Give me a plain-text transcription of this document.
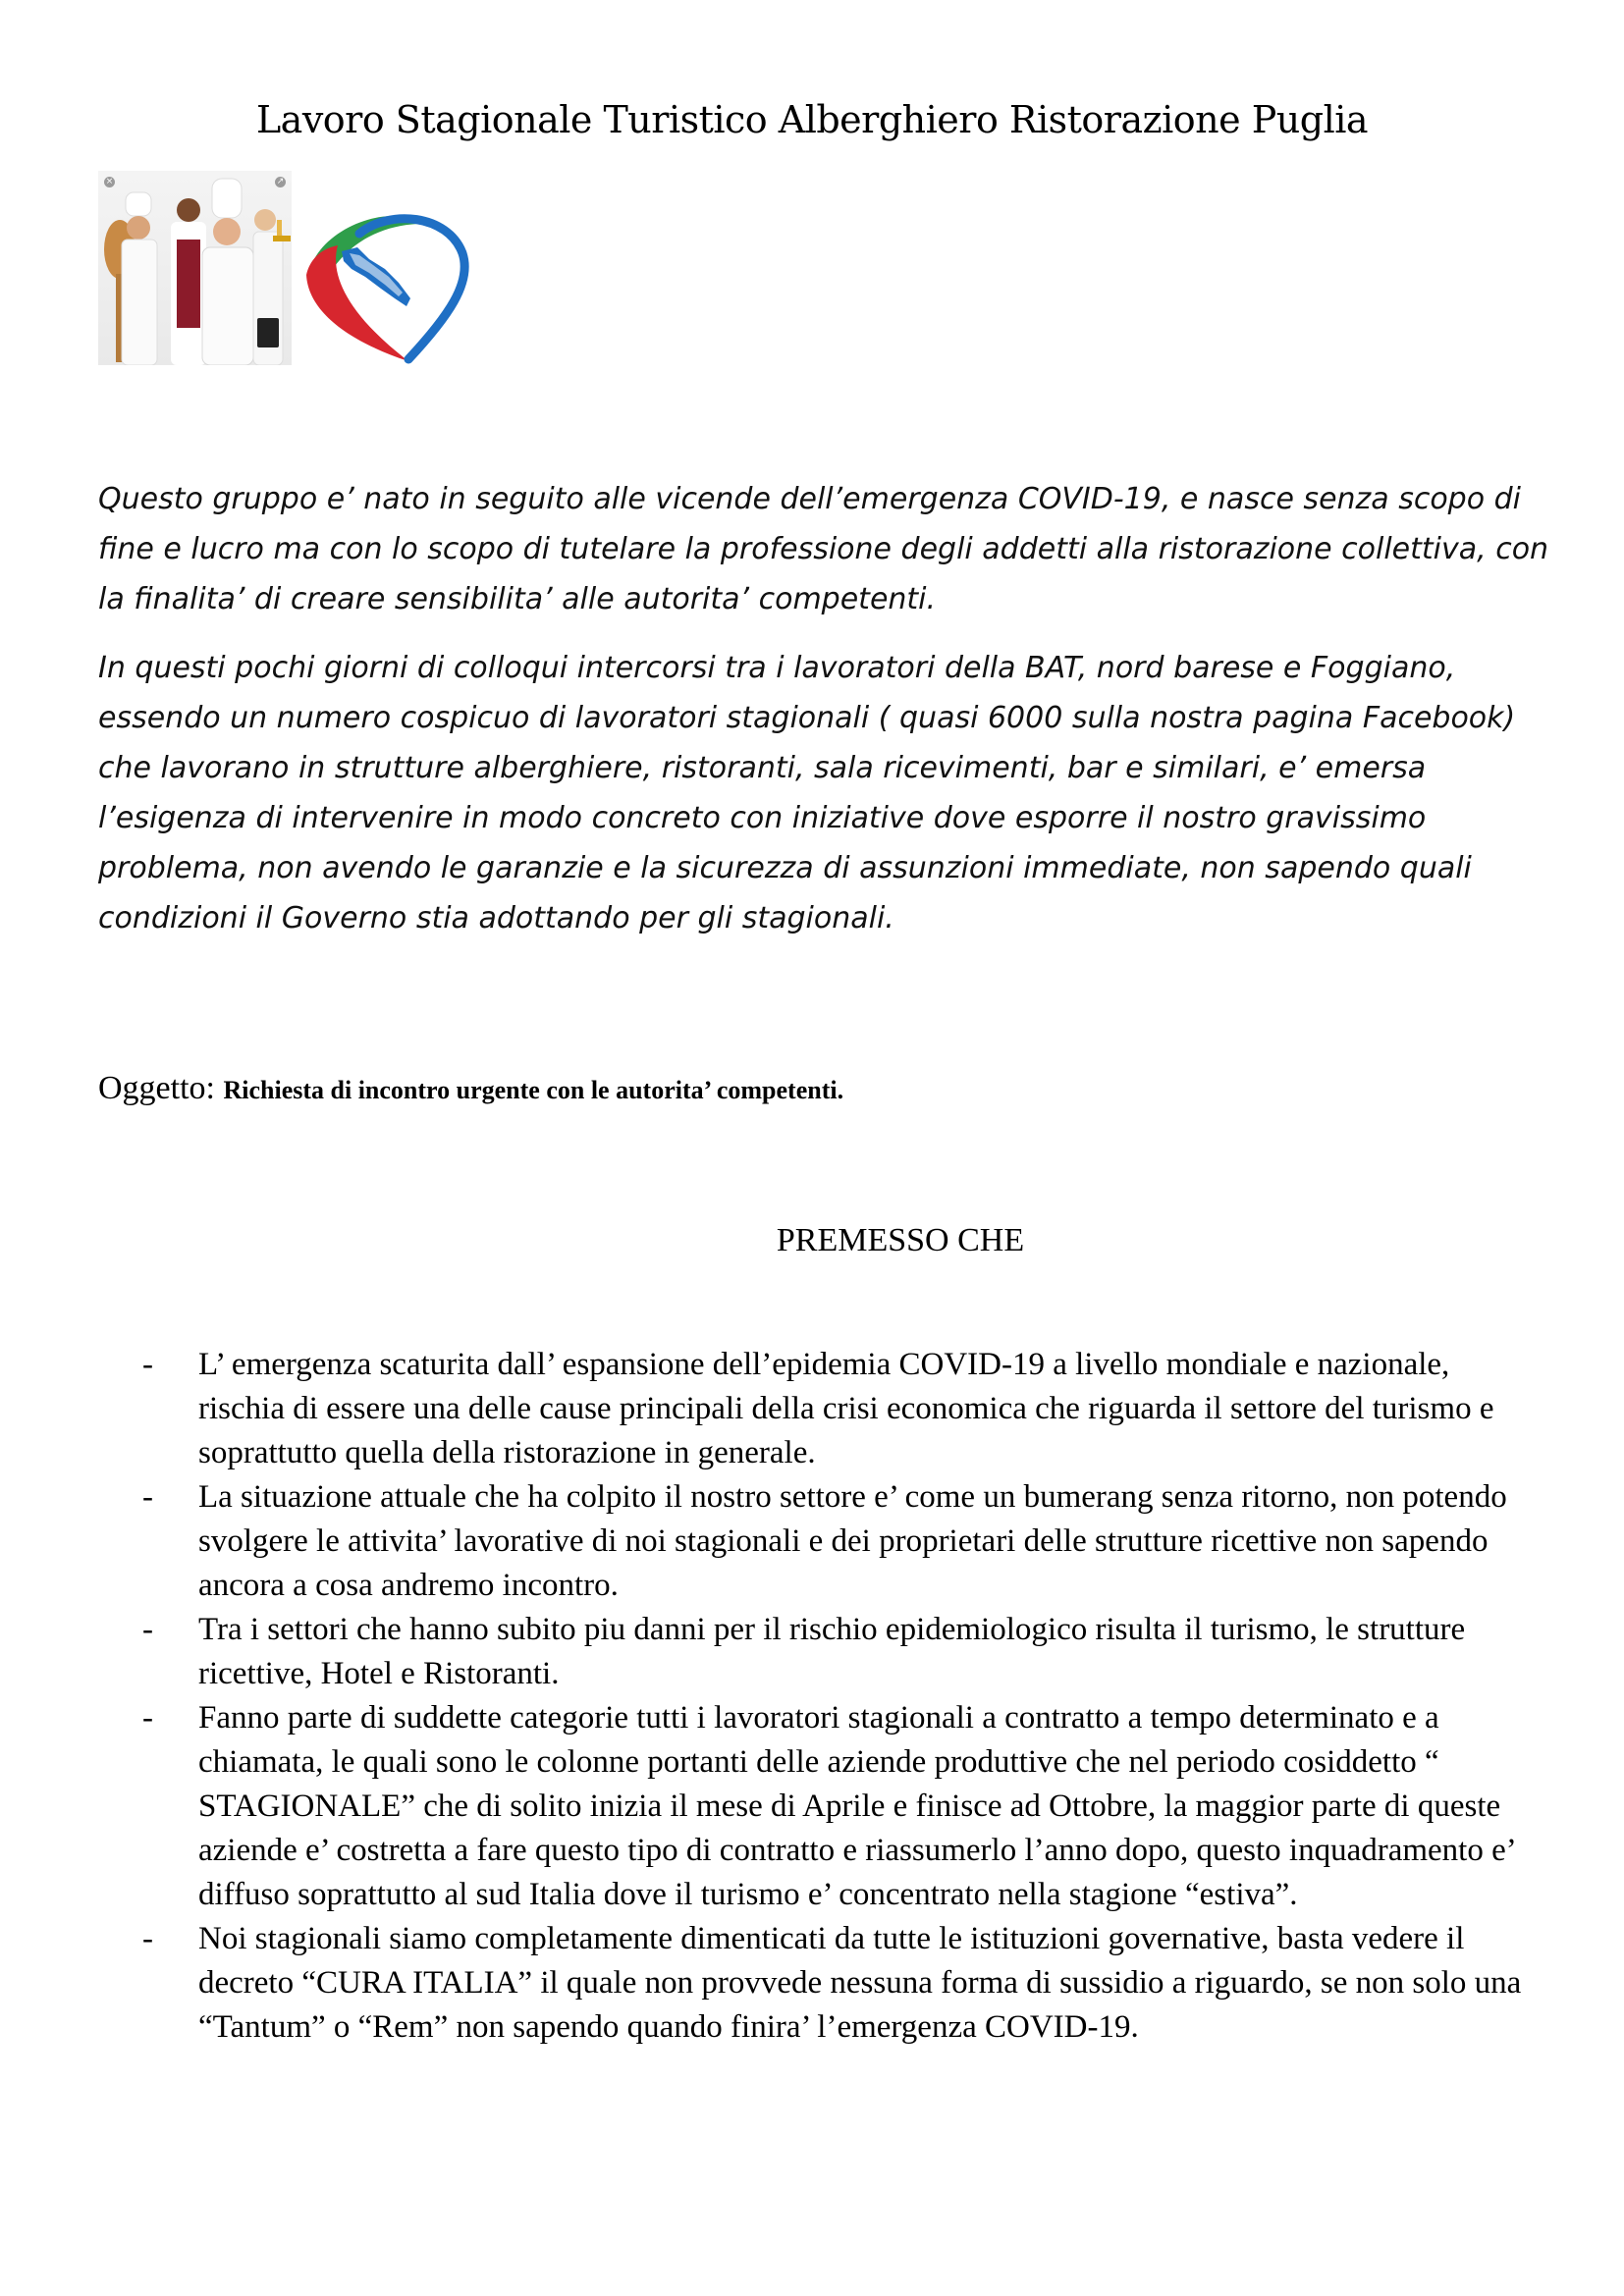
Lavoro Stagionale Turistico Alberghiero Ristorazione Puglia
×	↗

Questo gruppo e’ nato in seguito alle vicende dell’emergenza COVID-19, e nasce senza scopo di fine e lucro ma con lo scopo di tutelare la professione degli addetti alla ristorazione collettiva, con la finalita’ di creare sensibilita’ alle autorita’ competenti.

In questi pochi giorni di colloqui intercorsi tra i lavoratori della BAT, nord barese e Foggiano, essendo un numero cospicuo di lavoratori stagionali ( quasi 6000 sulla nostra pagina Facebook) che lavorano in strutture alberghiere, ristoranti, sala ricevimenti, bar e similari, e’ emersa l’esigenza di intervenire in modo concreto con iniziative dove esporre il nostro gravissimo problema, non avendo le garanzie e la sicurezza di assunzioni immediate, non sapendo quali condizioni il Governo stia adottando per gli stagionali.

Oggetto: Richiesta di incontro urgente con le autorita’ competenti.
PREMESSO CHE
- L’ emergenza scaturita dall’ espansione dell’epidemia COVID-19 a livello mondiale e nazionale, rischia di essere una delle cause principali della crisi economica che riguarda il settore del turismo e soprattutto quella della ristorazione in generale.
- La situazione attuale che ha colpito il nostro settore e’ come un bumerang senza ritorno, non potendo svolgere le attivita’ lavorative di noi stagionali e dei proprietari delle strutture ricettive non sapendo ancora a cosa andremo incontro.
- Tra i settori che hanno subito piu danni per il rischio epidemiologico risulta il turismo, le strutture ricettive, Hotel e Ristoranti.
- Fanno parte di suddette categorie tutti i lavoratori stagionali a contratto a tempo determinato e a chiamata, le quali sono le colonne portanti delle aziende produttive che nel periodo cosiddetto “ STAGIONALE” che di solito inizia il mese di Aprile e finisce ad Ottobre, la maggior parte di queste aziende e’ costretta a fare questo tipo di contratto e riassumerlo l’anno dopo, questo inquadramento e’ diffuso soprattutto al sud Italia dove il turismo e’ concentrato nella stagione “estiva”.
- Noi stagionali siamo completamente dimenticati da tutte le istituzioni governative, basta vedere il decreto “CURA ITALIA” il quale non provvede nessuna forma di sussidio a riguardo, se non solo una “Tantum” o “Rem” non sapendo quando finira’ l’emergenza COVID-19.
